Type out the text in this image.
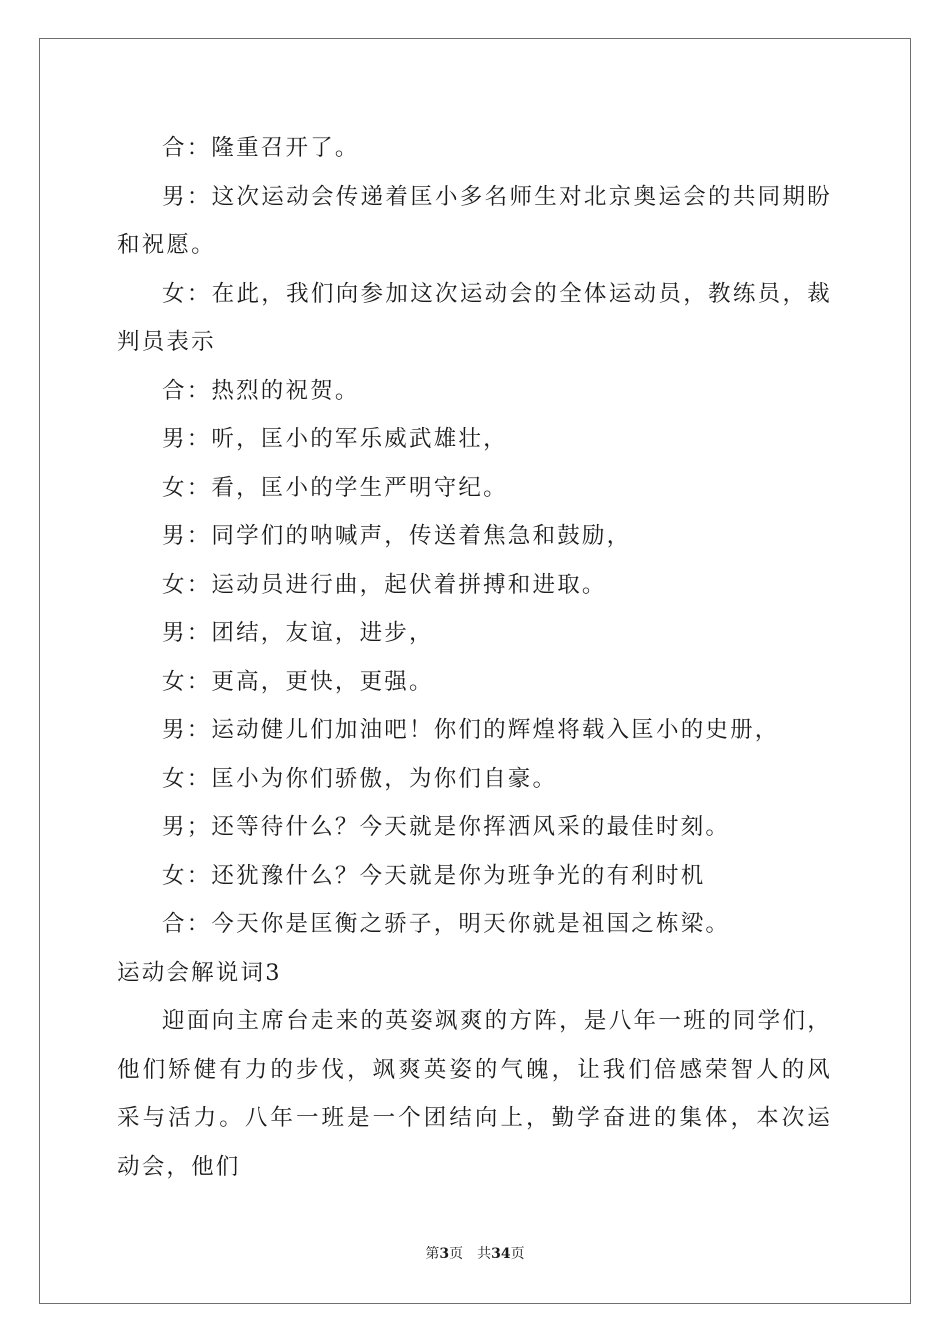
合：隆重召开了。

男：这次运动会传递着匡小多名师生对北京奥运会的共同期盼和祝愿。

女：在此，我们向参加这次运动会的全体运动员，教练员，裁判员表示

合：热烈的祝贺。

男：听，匡小的军乐威武雄壮，

女：看，匡小的学生严明守纪。

男：同学们的呐喊声，传送着焦急和鼓励，

女：运动员进行曲，起伏着拼搏和进取。

男：团结，友谊，进步，

女：更高，更快，更强。

男：运动健儿们加油吧！你们的辉煌将载入匡小的史册，

女：匡小为你们骄傲，为你们自豪。

男；还等待什么？今天就是你挥洒风采的最佳时刻。

女：还犹豫什么？今天就是你为班争光的有利时机

合：今天你是匡衡之骄子，明天你就是祖国之栋梁。

运动会解说词3

迎面向主席台走来的英姿飒爽的方阵，是八年一班的同学们，他们矫健有力的步伐，飒爽英姿的气魄，让我们倍感荣智人的风采与活力。八年一班是一个团结向上，勤学奋进的集体，本次运动会，他们

第3页　共34页
